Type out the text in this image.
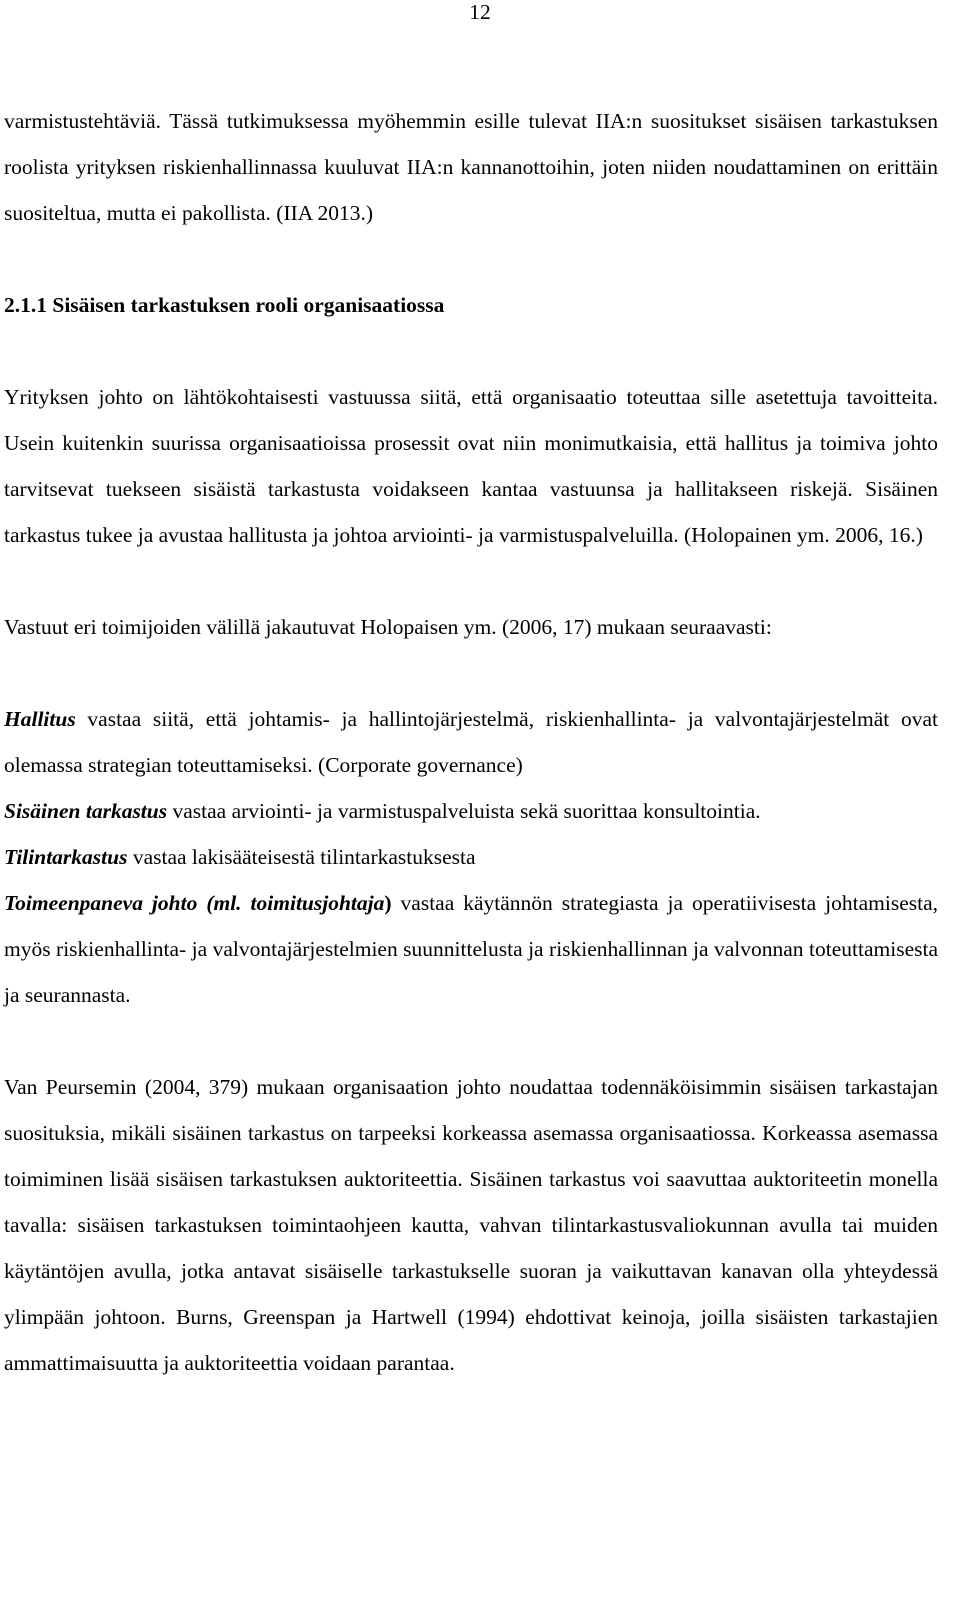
12

varmistustehtäviä. Tässä tutkimuksessa myöhemmin esille tulevat IIA:n suositukset sisäisen tarkastuksen roolista yrityksen riskienhallinnassa kuuluvat IIA:n kannanottoihin, joten niiden noudattaminen on erittäin suositeltua, mutta ei pakollista. (IIA 2013.)

2.1.1 Sisäisen tarkastuksen rooli organisaatiossa

Yrityksen johto on lähtökohtaisesti vastuussa siitä, että organisaatio toteuttaa sille asetettuja tavoitteita. Usein kuitenkin suurissa organisaatioissa prosessit ovat niin monimutkaisia, että hallitus ja toimiva johto tarvitsevat tuekseen sisäistä tarkastusta voidakseen kantaa vastuunsa ja hallitakseen riskejä. Sisäinen tarkastus tukee ja avustaa hallitusta ja johtoa arviointi- ja varmistuspalveluilla. (Holopainen ym. 2006, 16.)

Vastuut eri toimijoiden välillä jakautuvat Holopaisen ym. (2006, 17) mukaan seuraavasti:

Hallitus vastaa siitä, että johtamis- ja hallintojärjestelmä, riskienhallinta- ja valvontajärjestelmät ovat olemassa strategian toteuttamiseksi. (Corporate governance)

Sisäinen tarkastus vastaa arviointi- ja varmistuspalveluista sekä suorittaa konsultointia.

Tilintarkastus vastaa lakisääteisestä tilintarkastuksesta

Toimeenpaneva johto (ml. toimitusjohtaja) vastaa käytännön strategiasta ja operatiivisesta johtamisesta, myös riskienhallinta- ja valvontajärjestelmien suunnittelusta ja riskienhallinnan ja valvonnan toteuttamisesta ja seurannasta.

Van Peursemin (2004, 379) mukaan organisaation johto noudattaa todennäköisimmin sisäisen tarkastajan suosituksia, mikäli sisäinen tarkastus on tarpeeksi korkeassa asemassa organisaatiossa. Korkeassa asemassa toimiminen lisää sisäisen tarkastuksen auktoriteettia. Sisäinen tarkastus voi saavuttaa auktoriteetin monella tavalla: sisäisen tarkastuksen toimintaohjeen kautta, vahvan tilintarkastusvaliokunnan avulla tai muiden käytäntöjen avulla, jotka antavat sisäiselle tarkastukselle suoran ja vaikuttavan kanavan olla yhteydessä ylimpään johtoon. Burns, Greenspan ja Hartwell (1994) ehdottivat keinoja, joilla sisäisten tarkastajien ammattimaisuutta ja auktoriteettia voidaan parantaa.
